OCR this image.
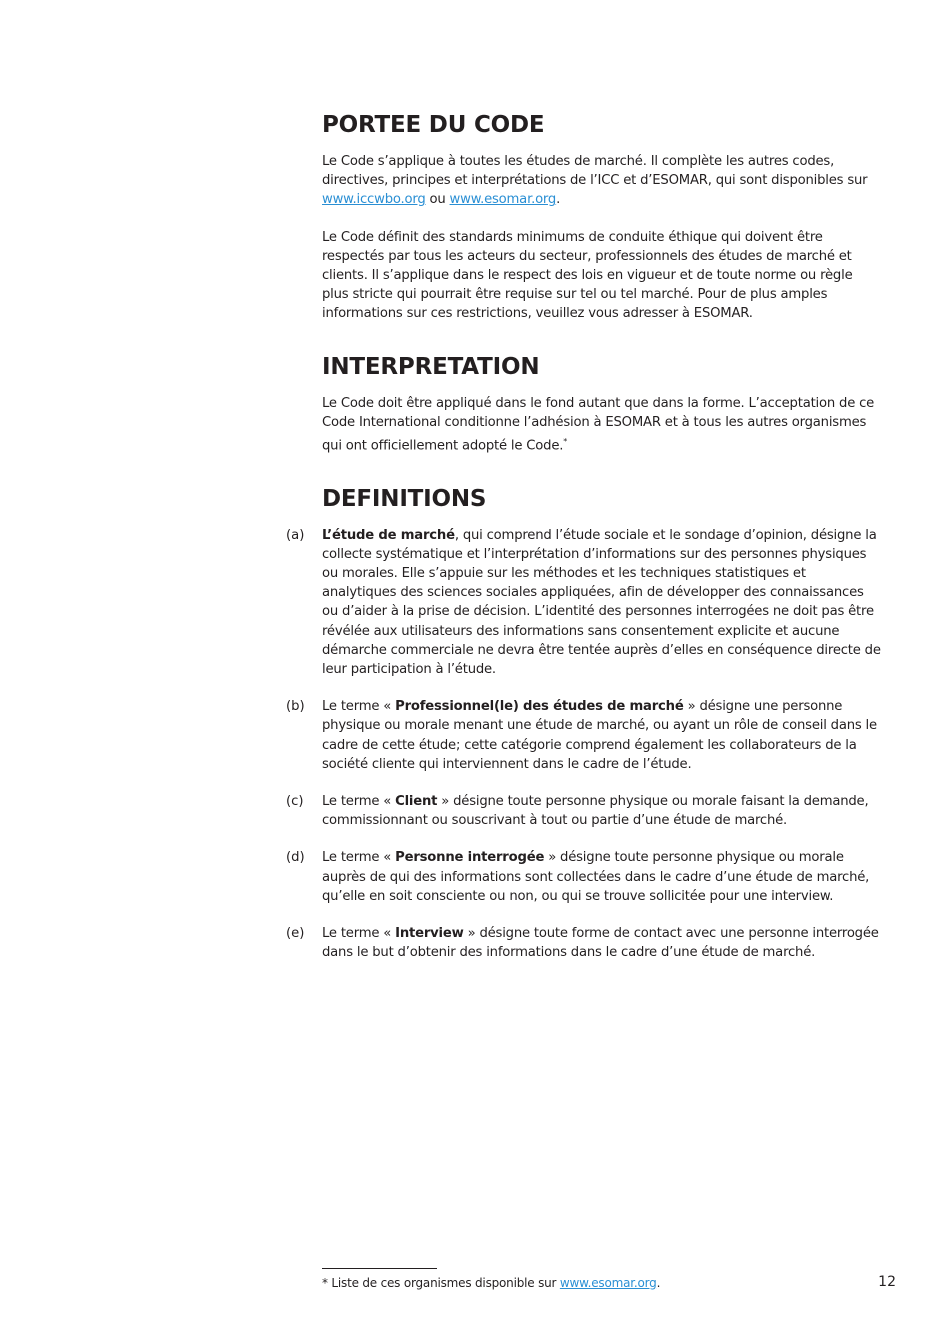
PORTEE DU CODE

Le Code s’applique à toutes les études de marché. Il complète les autres codes, directives, principes et interprétations de l’ICC et d’ESOMAR, qui sont disponibles sur www.iccwbo.org ou www.esomar.org.

Le Code définit des standards minimums de conduite éthique qui doivent être respectés par tous les acteurs du secteur, professionnels des études de marché et clients. Il s’applique dans le respect des lois en vigueur et de toute norme ou règle plus stricte qui pourrait être requise sur tel ou tel marché. Pour de plus amples informations sur ces restrictions, veuillez vous adresser à ESOMAR.

INTERPRETATION

Le Code doit être appliqué dans le fond autant que dans la forme. L’acceptation de ce Code International conditionne l’adhésion à ESOMAR et à tous les autres organismes qui ont officiellement adopté le Code.*

DEFINITIONS
(a) L’étude de marché, qui comprend l’étude sociale et le sondage d’opinion, désigne la collecte systématique et l’interprétation d’informations sur des personnes physiques ou morales. Elle s’appuie sur les méthodes et les techniques statistiques et analytiques des sciences sociales appliquées, afin de développer des connaissances ou d’aider à la prise de décision. L’identité des personnes interrogées ne doit pas être révélée aux utilisateurs des informations sans consentement explicite et aucune démarche commerciale ne devra être tentée auprès d’elles en conséquence directe de leur participation à l’étude.

(b) Le terme « Professionnel(le) des études de marché » désigne une personne physique ou morale menant une étude de marché, ou ayant un rôle de conseil dans le cadre de cette étude; cette catégorie comprend également les collaborateurs de la société cliente qui interviennent dans le cadre de l’étude.

(c) Le terme « Client » désigne toute personne physique ou morale faisant la demande, commissionnant ou souscrivant à tout ou partie d’une étude de marché.

(d) Le terme « Personne interrogée » désigne toute personne physique ou morale auprès de qui des informations sont collectées dans le cadre d’une étude de marché, qu’elle en soit consciente ou non, ou qui se trouve sollicitée pour une interview.

(e) Le terme « Interview » désigne toute forme de contact avec une personne interrogée dans le but d’obtenir des informations dans le cadre d’une étude de marché.

* Liste de ces organismes disponible sur www.esomar.org.	12
